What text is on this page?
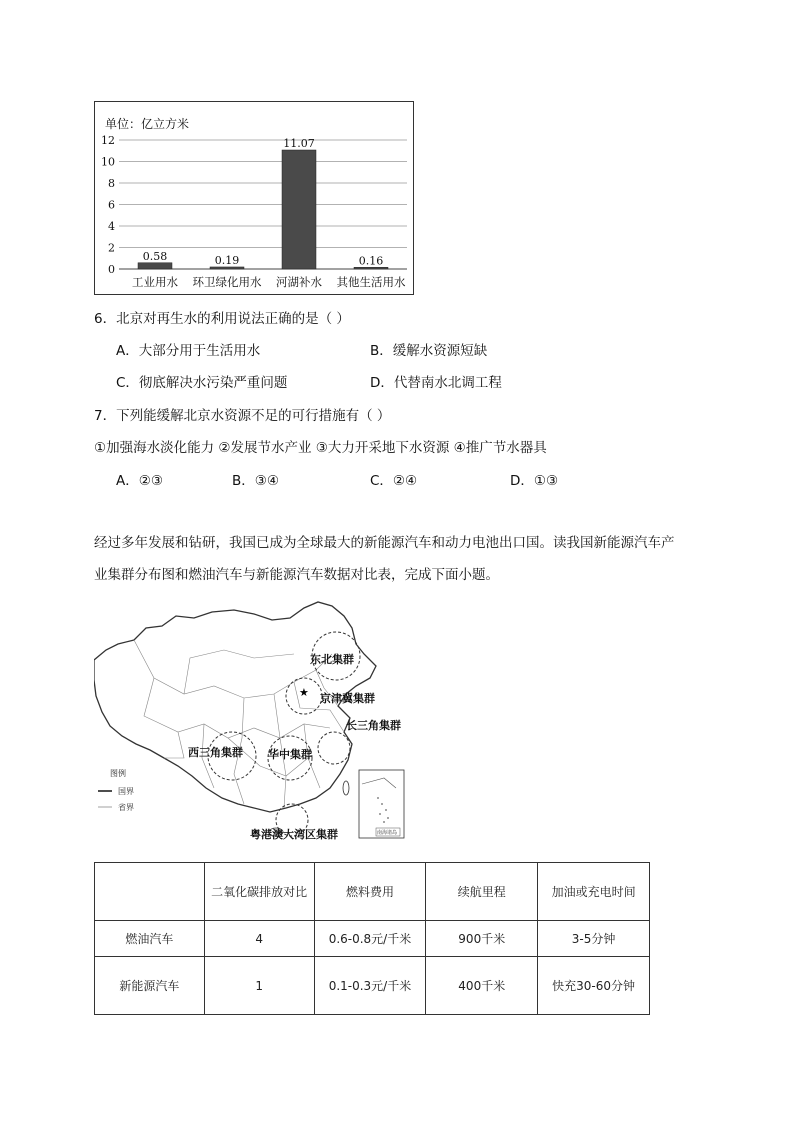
单位：亿立方米
0
2
4
6
8
10
12
0.58
工业用水
0.19
环卫绿化用水
11.07
河湖补水
0.16
其他生活用水
6．北京对再生水的利用说法正确的是（ ）
A．大部分用于生活用水	B．缓解水资源短缺
C．彻底解决水污染严重问题	D．代替南水北调工程
7．下列能缓解北京水资源不足的可行措施有（ ）
①加强海水淡化能力 ②发展节水产业 ③大力开采地下水资源 ④推广节水器具
A．②③	B．③④	C．②④	D．①③
经过多年发展和钻研，我国已成为全球最大的新能源汽车和动力电池出口国。读我国新能源汽车产
业集群分布图和燃油汽车与新能源汽车数据对比表，完成下面小题。
★
东北集群
京津冀集群
长三角集群
西三角集群 华中集群
粤港澳大湾区集群
图例
国界
省界
南海诸岛
	二氧化碳排放对比	燃料费用	续航里程	加油或充电时间
燃油汽车	4	0.6-0.8元/千米	900千米	3-5分钟
新能源汽车	1	0.1-0.3元/千米	400千米	快充30-60分钟
